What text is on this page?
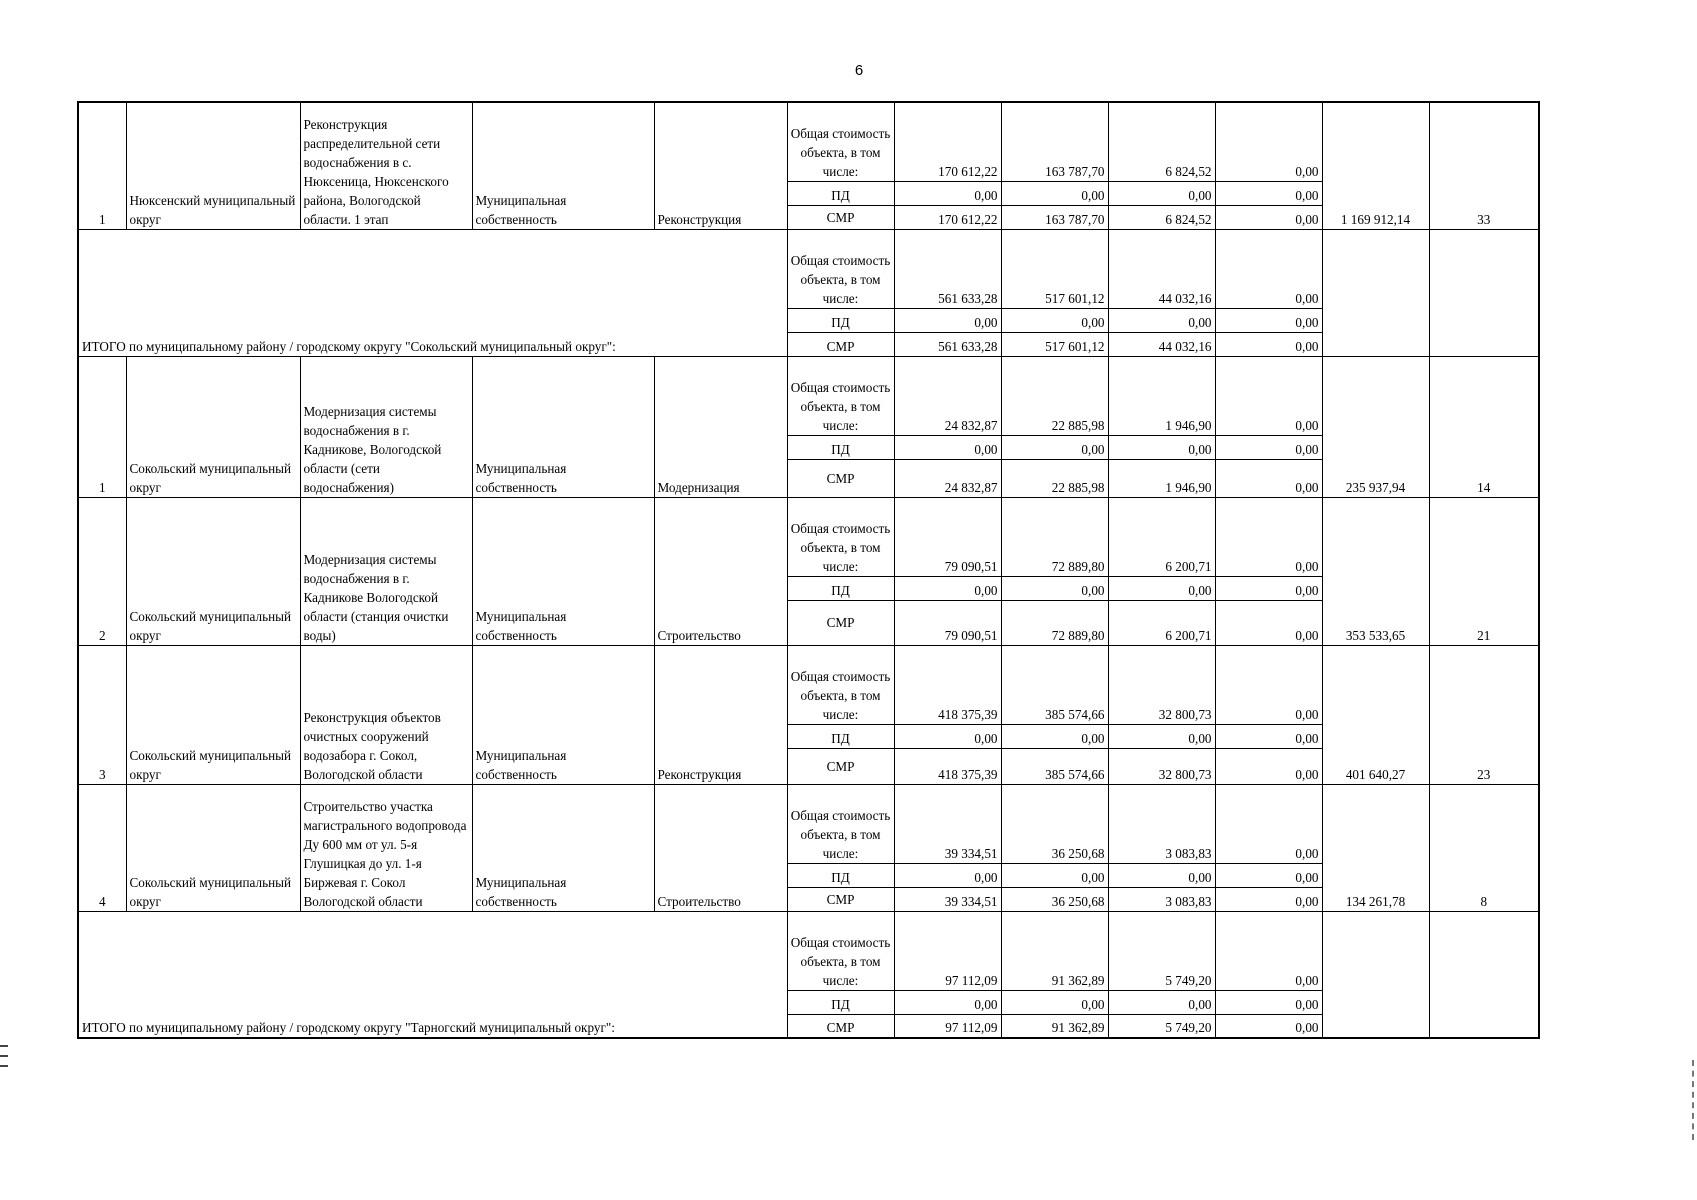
6
1	Нюксенский муниципальный округ	Реконструкция распределительной сети водоснабжения в с. Нюксеница, Нюксенского района, Вологодской области. 1 этап	Муниципальная собственность	Реконструкция	Общая стоимость объекта, в том числе:	170 612,22	163 787,70	6 824,52	0,00	1 169 912,14	33
					ПД	0,00	0,00	0,00	0,00		
					СМР	170 612,22	163 787,70	6 824,52	0,00		
ИТОГО по муниципальному району / городскому округу "Сокольский муниципальный округ":					Общая стоимость объекта, в том числе:	561 633,28	517 601,12	44 032,16	0,00		
					ПД	0,00	0,00	0,00	0,00		
					СМР	561 633,28	517 601,12	44 032,16	0,00		
1	Сокольский муниципальный округ	Модернизация системы водоснабжения в г. Кадникове, Вологодской области (сети водоснабжения)	Муниципальная собственность	Модернизация	Общая стоимость объекта, в том числе:	24 832,87	22 885,98	1 946,90	0,00	235 937,94	14
					ПД	0,00	0,00	0,00	0,00		
					СМР	24 832,87	22 885,98	1 946,90	0,00		
2	Сокольский муниципальный округ	Модернизация системы водоснабжения в г. Кадникове Вологодской области (станция очистки воды)	Муниципальная собственность	Строительство	Общая стоимость объекта, в том числе:	79 090,51	72 889,80	6 200,71	0,00	353 533,65	21
					ПД	0,00	0,00	0,00	0,00		
					СМР	79 090,51	72 889,80	6 200,71	0,00		
3	Сокольский муниципальный округ	Реконструкция объектов очистных сооружений водозабора г. Сокол, Вологодской области	Муниципальная собственность	Реконструкция	Общая стоимость объекта, в том числе:	418 375,39	385 574,66	32 800,73	0,00	401 640,27	23
					ПД	0,00	0,00	0,00	0,00		
					СМР	418 375,39	385 574,66	32 800,73	0,00		
4	Сокольский муниципальный округ	Строительство участка магистрального водопровода Ду 600 мм от ул. 5-я Глушицкая до ул. 1-я Биржевая г. Сокол Вологодской области	Муниципальная собственность	Строительство	Общая стоимость объекта, в том числе:	39 334,51	36 250,68	3 083,83	0,00	134 261,78	8
					ПД	0,00	0,00	0,00	0,00		
					СМР	39 334,51	36 250,68	3 083,83	0,00		
ИТОГО по муниципальному району / городскому округу "Тарногский муниципальный округ":					Общая стоимость объекта, в том числе:	97 112,09	91 362,89	5 749,20	0,00		
					ПД	0,00	0,00	0,00	0,00		
					СМР	97 112,09	91 362,89	5 749,20	0,00		
